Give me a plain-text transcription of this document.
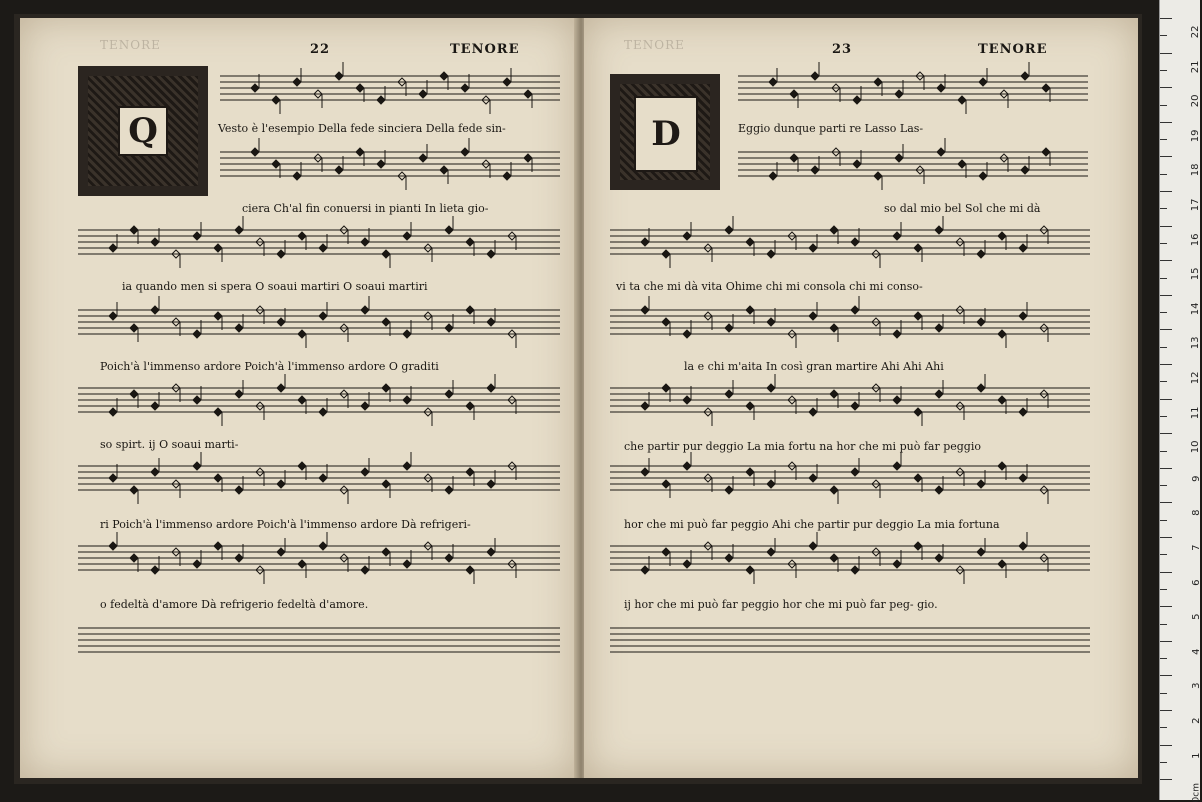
TENORE	22	TENORE
Q	Vesto è l'esempio Della fede sinciera Della fede sin-
ciera Ch'al fin conuersi in pianti In lieta gio-
ia quando men si spera O soaui martiri O soaui martiri
Poich'à l'immenso ardore Poich'à l'immenso ardore O graditi
so spirt. ij O soaui marti-
ri Poich'à l'immenso ardore Poich'à l'immenso ardore Dà refrigeri-
o fedeltà d'amore Dà refrigerio fedeltà d'amore.
TENORE	23	TENORE
D	Eggio dunque parti re Lasso Las-
so dal mio bel Sol che mi dà
vi ta che mi dà vita Ohime chi mi consola chi mi conso-
la e chi m'aita In così gran martire Ahi Ahi Ahi
che partir pur deggio La mia fortu na hor che mi può far peggio
hor che mi può far peggio Ahi che partir pur deggio La mia fortuna
ij hor che mi può far peggio hor che mi può far peg- gio.
22
21
20
19
18
17
16
15
14
13
12
11
10
9
8
7
6
5
4
3
2
1
0cm
